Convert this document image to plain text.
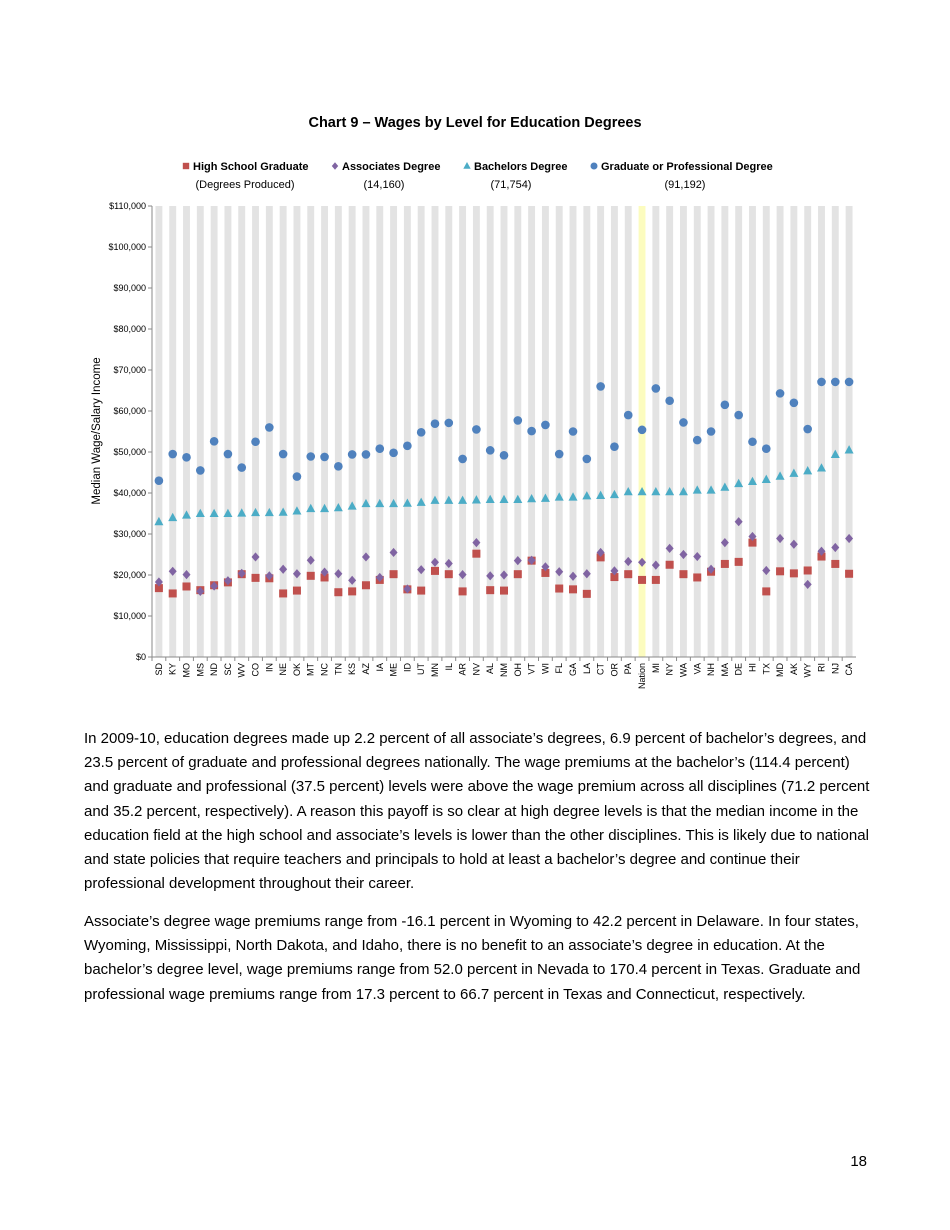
Chart 9 – Wages by Level for Education Degrees
High School Graduate
(Degrees Produced)
Associates Degree
(14,160)
Bachelors Degree
(71,754)
Graduate or Professional Degree
(91,192)
$0
$10,000
$20,000
$30,000
$40,000
$50,000
$60,000
$70,000
$80,000
$90,000
$100,000
$110,000
SD KY MO MS ND SC WV CO IN NE OK MT NC TN KS AZ IA ME ID UT MN IL AR NV AL NM OH VT WI FL GA LA CT OR PA Nation MI NY WA VA NH MA DE HI TX MD AK WY RI NJ CA
Median Wage/Salary Income

In 2009-10, education degrees made up 2.2 percent of all associate’s degrees, 6.9 percent of bachelor’s degrees, and 23.5 percent of graduate and professional degrees nationally. The wage premiums at the bachelor’s (114.4 percent) and graduate and professional (37.5 percent) levels were above the wage premium across all disciplines (71.2 percent and 35.2 percent, respectively). A reason this payoff is so clear at high degree levels is that the median income in the education field at the high school and associate’s levels is lower than the other disciplines. This is likely due to national and state policies that require teachers and principals to hold at least a bachelor’s degree and continue their professional development throughout their career.

Associate’s degree wage premiums range from -16.1 percent in Wyoming to 42.2 percent in Delaware. In four states, Wyoming, Mississippi, North Dakota, and Idaho, there is no benefit to an associate’s degree in education. At the bachelor’s degree level, wage premiums range from 52.0 percent in Nevada to 170.4 percent in Texas. Graduate and professional wage premiums range from 17.3 percent to 66.7 percent in Texas and Connecticut, respectively.

18
